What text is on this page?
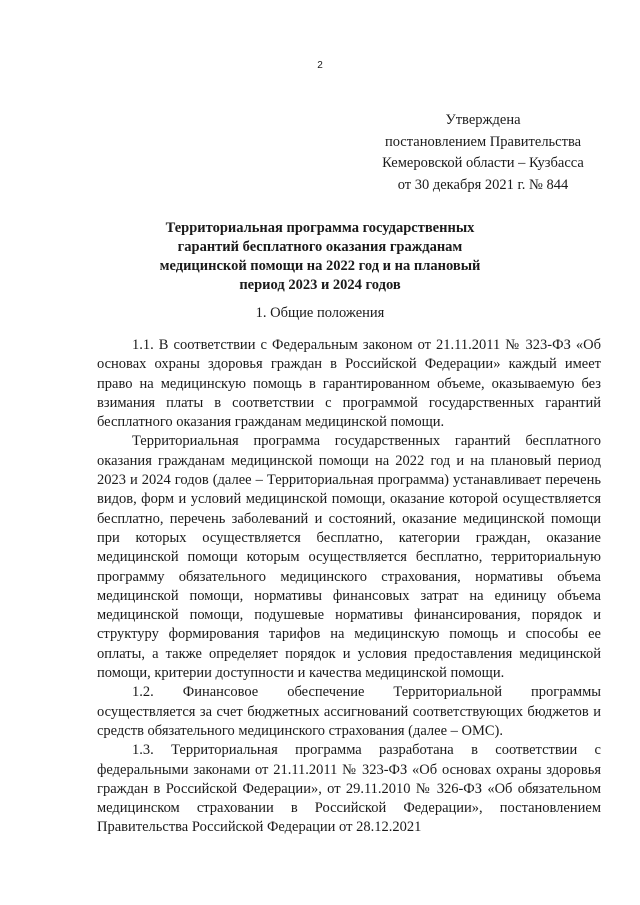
2
Утверждена
постановлением Правительства
Кемеровской области – Кузбасса
от 30 декабря 2021 г. № 844
Территориальная программа государственных
гарантий бесплатного оказания гражданам
медицинской помощи на 2022 год и на плановый
период 2023 и 2024 годов
1. Общие положения

1.1. В соответствии с Федеральным законом от 21.11.2011 № 323-ФЗ «Об основах охраны здоровья граждан в Российской Федерации» каждый имеет право на медицинскую помощь в гарантированном объеме, оказываемую без взимания платы в соответствии с программой государственных гарантий бесплатного оказания гражданам медицинской помощи.

Территориальная программа государственных гарантий бесплатного оказания гражданам медицинской помощи на 2022 год и на плановый период 2023 и 2024 годов (далее – Территориальная программа) устанавливает перечень видов, форм и условий медицинской помощи, оказание которой осуществляется бесплатно, перечень заболеваний и состояний, оказание медицинской помощи при которых осуществляется бесплатно, категории граждан, оказание медицинской помощи которым осуществляется бесплатно, территориальную программу обязательного медицинского страхования, нормативы объема медицинской помощи, нормативы финансовых затрат на единицу объема медицинской помощи, подушевые нормативы финансирования, порядок и структуру формирования тарифов на медицинскую помощь и способы ее оплаты, а также определяет порядок и условия предоставления медицинской помощи, критерии доступности и качества медицинской помощи.

1.2. Финансовое обеспечение Территориальной программы осуществляется за счет бюджетных ассигнований соответствующих бюджетов и средств обязательного медицинского страхования (далее – ОМС).

1.3. Территориальная программа разработана в соответствии с федеральными законами от 21.11.2011 № 323-ФЗ «Об основах охраны здоровья граждан в Российской Федерации», от 29.11.2010 № 326-ФЗ «Об обязательном медицинском страховании в Российской Федерации», постановлением Правительства Российской Федерации от 28.12.2021
